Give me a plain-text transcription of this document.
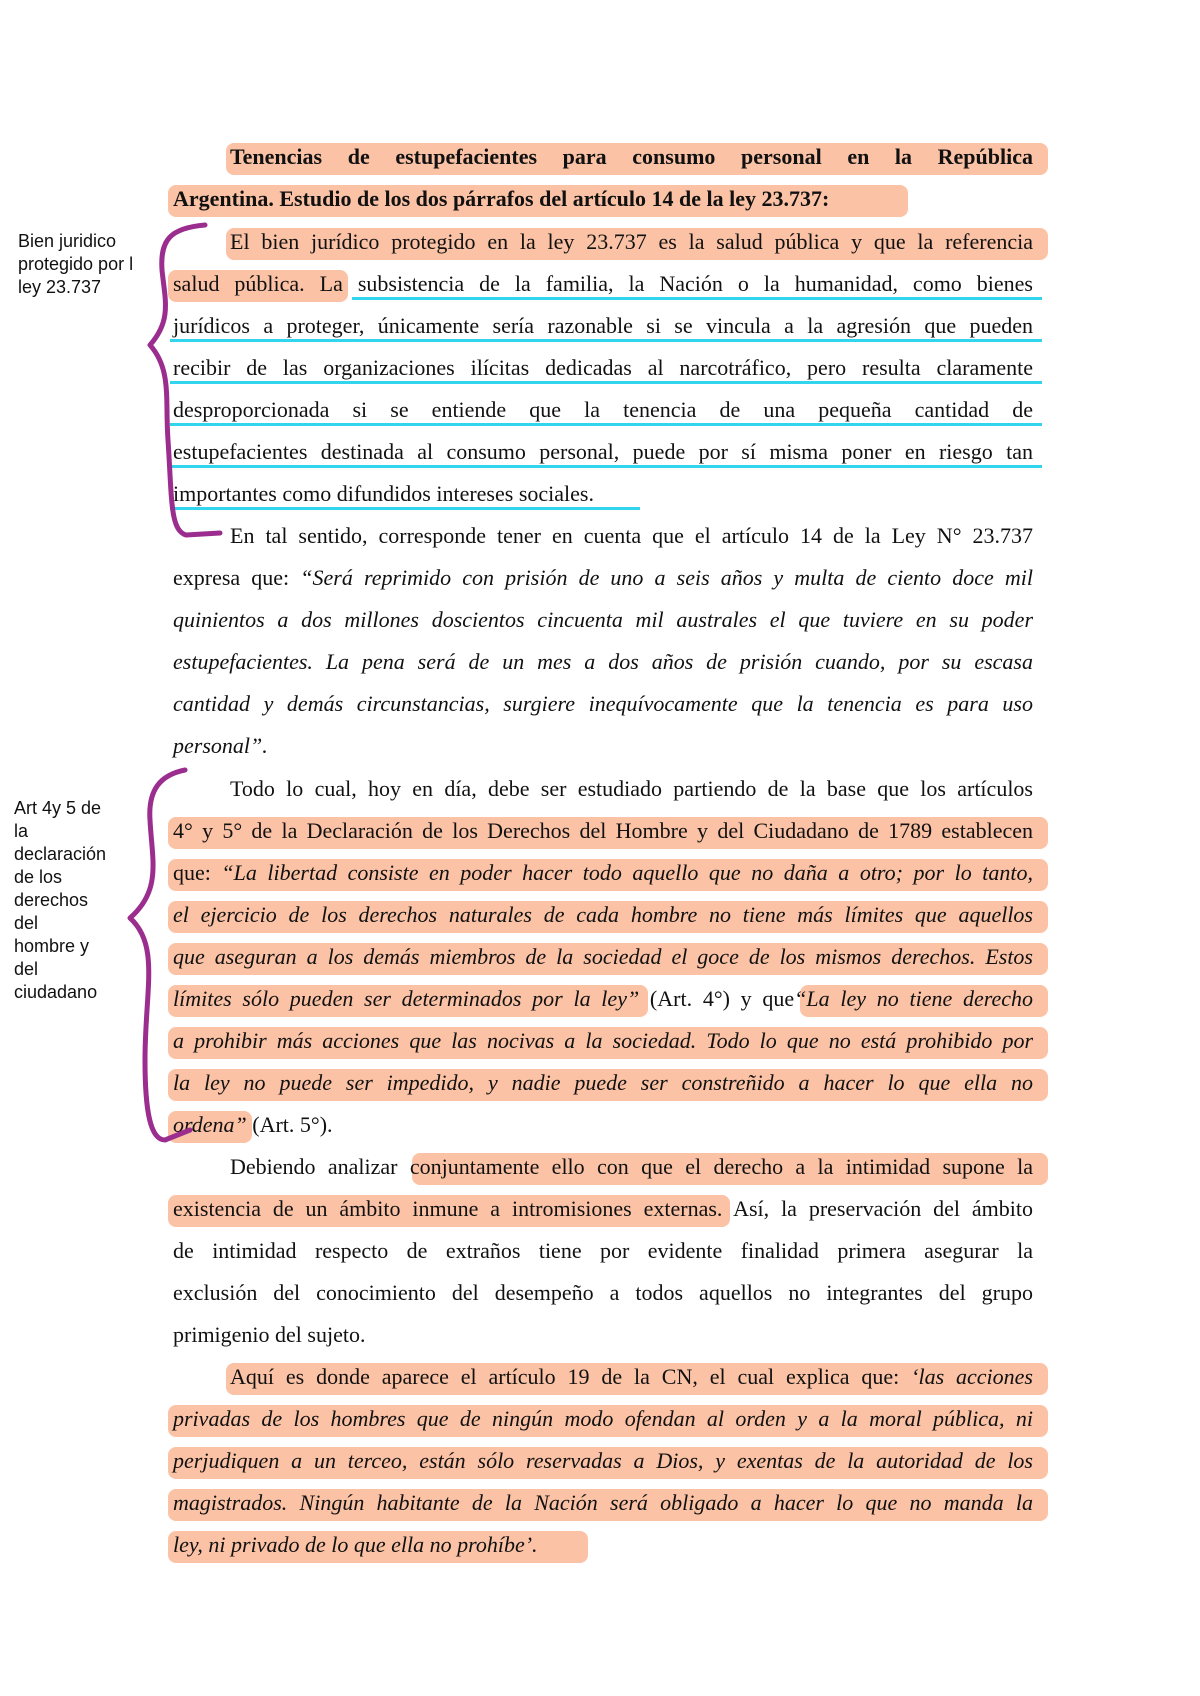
Tenencias de estupefacientes para consumo personal en la República
Argentina. Estudio de los dos párrafos del artículo 14 de la ley 23.737:
El bien jurídico protegido en la ley 23.737 es la salud pública y que la referencia
salud pública. La subsistencia de la familia, la Nación o la humanidad, como bienes
jurídicos a proteger, únicamente sería razonable si se vincula a la agresión que pueden
recibir de las organizaciones ilícitas dedicadas al narcotráfico, pero resulta claramente
desproporcionada si se entiende que la tenencia de una pequeña cantidad de
estupefacientes destinada al consumo personal, puede por sí misma poner en riesgo tan
importantes como difundidos intereses sociales.
En tal sentido, corresponde tener en cuenta que el artículo 14 de la Ley N° 23.737
expresa que: “Será reprimido con prisión de uno a seis años y multa de ciento doce mil
quinientos a dos millones doscientos cincuenta mil australes el que tuviere en su poder
estupefacientes. La pena será de un mes a dos años de prisión cuando, por su escasa
cantidad y demás circunstancias, surgiere inequívocamente que la tenencia es para uso
personal”.
Todo lo cual, hoy en día, debe ser estudiado partiendo de la base que los artículos
4° y 5° de la Declaración de los Derechos del Hombre y del Ciudadano de 1789 establecen
que: “La libertad consiste en poder hacer todo aquello que no daña a otro; por lo tanto,
el ejercicio de los derechos naturales de cada hombre no tiene más límites que aquellos
que aseguran a los demás miembros de la sociedad el goce de los mismos derechos. Estos
límites sólo pueden ser determinados por la ley” (Art. 4°) y que“La ley no tiene derecho
a prohibir más acciones que las nocivas a la sociedad. Todo lo que no está prohibido por
la ley no puede ser impedido, y nadie puede ser constreñido a hacer lo que ella no
ordena” (Art. 5°).
Debiendo analizar conjuntamente ello con que el derecho a la intimidad supone la
existencia de un ámbito inmune a intromisiones externas. Así, la preservación del ámbito
de intimidad respecto de extraños tiene por evidente finalidad primera asegurar la
exclusión del conocimiento del desempeño a todos aquellos no integrantes del grupo
primigenio del sujeto.
Aquí es donde aparece el artículo 19 de la CN, el cual explica que: ‘las acciones
privadas de los hombres que de ningún modo ofendan al orden y a la moral pública, ni
perjudiquen a un terceo, están sólo reservadas a Dios, y exentas de la autoridad de los
magistrados. Ningún habitante de la Nación será obligado a hacer lo que no manda la
ley, ni privado de lo que ella no prohíbe’.
Bien juridico
protegido por l
ley 23.737
Art 4y 5 de
la
declaración
de los
derechos
del
hombre y
del
ciudadano
